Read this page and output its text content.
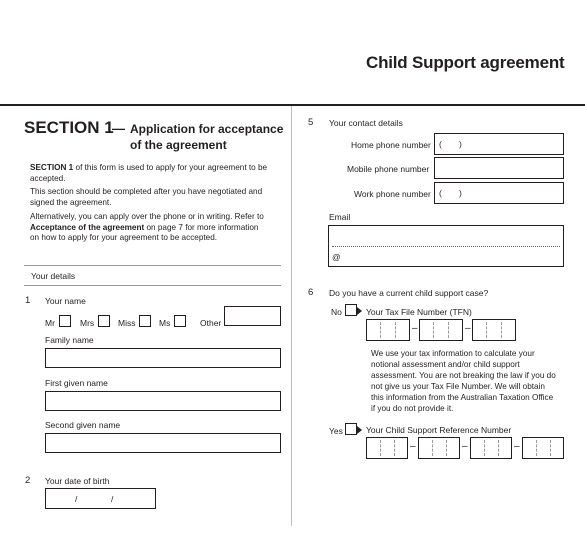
Child Support agreement
SECTION 1
— Application for acceptance
of the agreement
SECTION 1 of this form is used to apply for your agreement to be
accepted.
This section should be completed after you have negotiated and
signed the agreement.
Alternatively, you can apply over the phone or in writing. Refer to
Acceptance of the agreement on page 7 for more information
on how to apply for your agreement to be accepted.
Your details
1 Your name
Mr	Mrs	Miss	Ms	Other
Family name
First given name
Second given name
2 Your date of birth
/	/
5 Your contact details
Home phone number ( )
Mobile phone number
Work phone number ( )
Email
@
6 Do you have a current child support case?
No	Your Tax File Number (TFN)
–	–
We use your tax information to calculate your
notional assessment and/or child support
assessment. You are not breaking the law if you do
not give us your Tax File Number. We will obtain
this information from the Australian Taxation Office
if you do not provide it.
Yes	Your Child Support Reference Number
–	–	–
